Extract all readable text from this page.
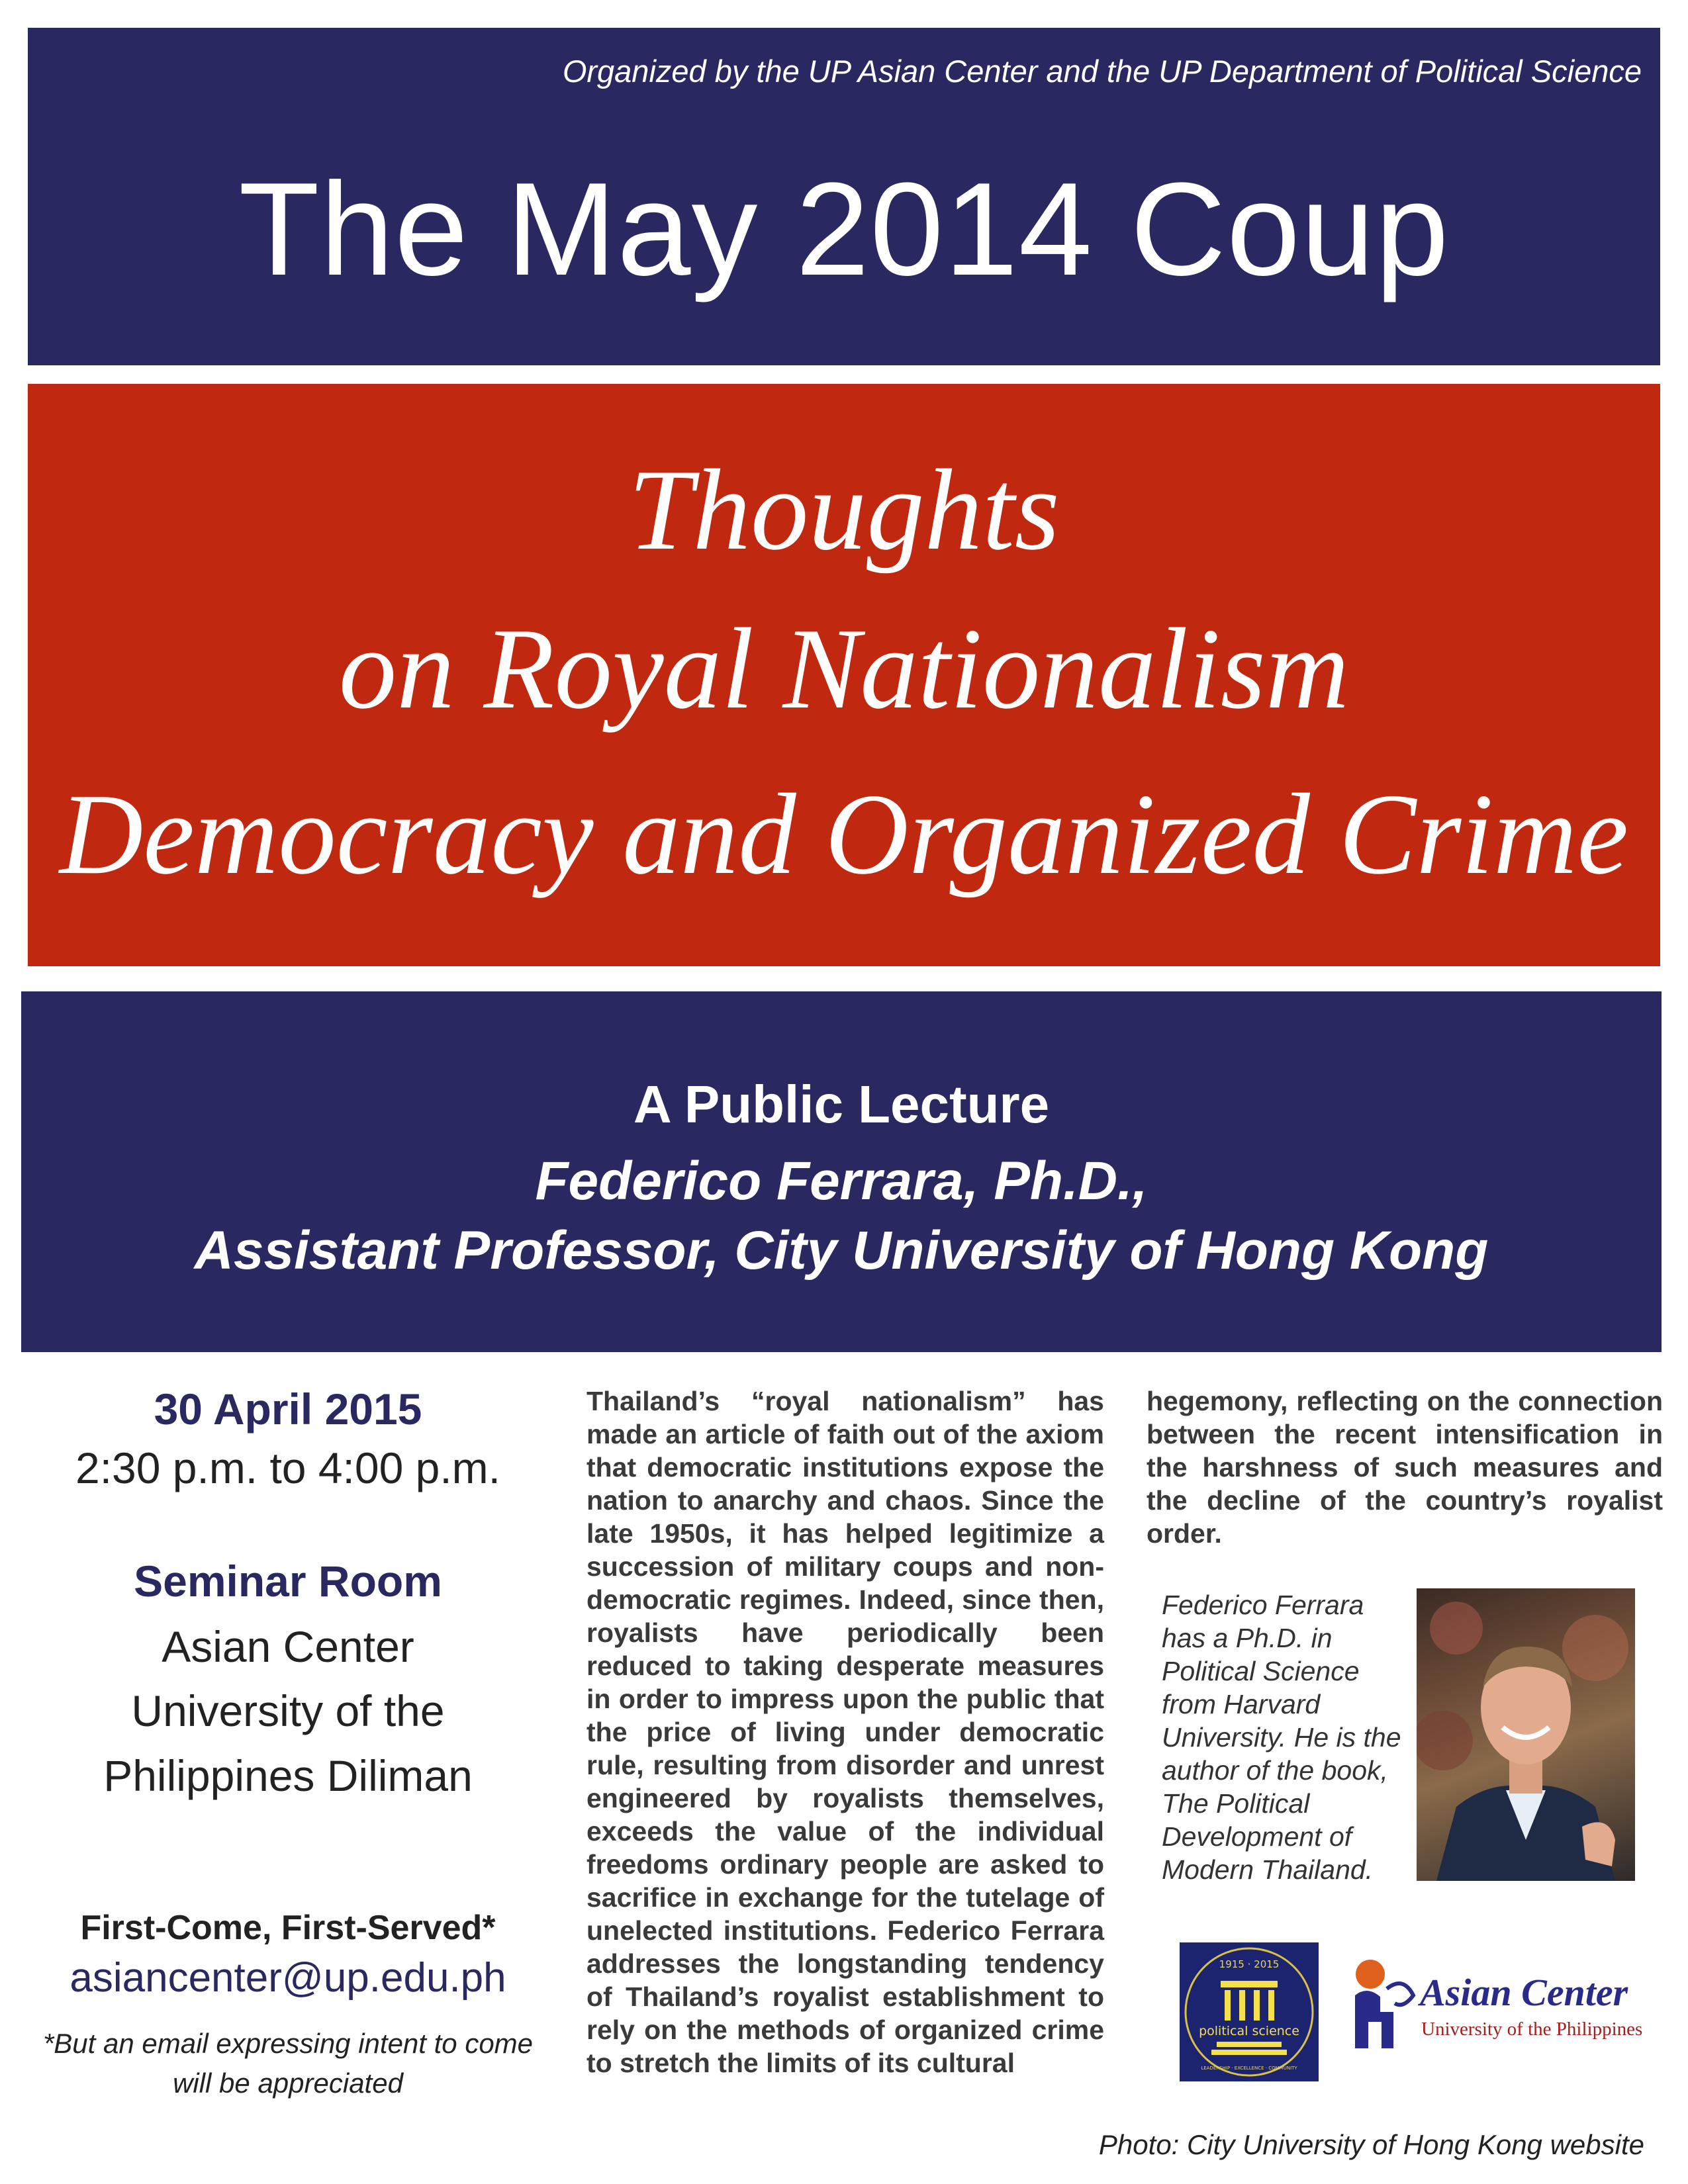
Organized by the UP Asian Center and the UP Department of Political Science
The May 2014 Coup
Thoughts
on Royal Nationalism
Democracy and Organized Crime
A Public Lecture
Federico Ferrara, Ph.D.,
Assistant Professor, City University of Hong Kong

30 April 2015

2:30 p.m. to 4:00 p.m.

Seminar Room

Asian Center
University of the
Philippines Diliman

First-Come, First-Served*

asiancenter@up.edu.ph

*But an email expressing intent to come will be appreciated

Thailand’s “royal nationalism” has made an article of faith out of the axiom that democratic institutions expose the nation to anarchy and chaos. Since the late 1950s, it has helped legitimize a succession of military coups and non-democratic regimes. Indeed, since then, royalists have periodically been reduced to taking desperate measures in order to impress upon the public that the price of living under democratic rule, resulting from disorder and unrest engineered by royalists themselves, exceeds the value of the individual freedoms ordinary people are asked to sacrifice in exchange for the tutelage of unelected institutions. Federico Ferrara addresses the longstanding tendency of Thailand’s royalist establishment to rely on the methods of organized crime to stretch the limits of its cultural
hegemony, reflecting on the connection between the recent intensification in the harshness of such measures and the decline of the country’s royalist order.
Federico Ferrara has a Ph.D. in Political Science from Harvard University. He is the author of the book, The Political Development of Modern Thailand.
1915 · 2015
political science
LEADERSHIP · EXCELLENCE · COMMUNITY
Asian Center
University of the Philippines
Photo: City University of Hong Kong website
